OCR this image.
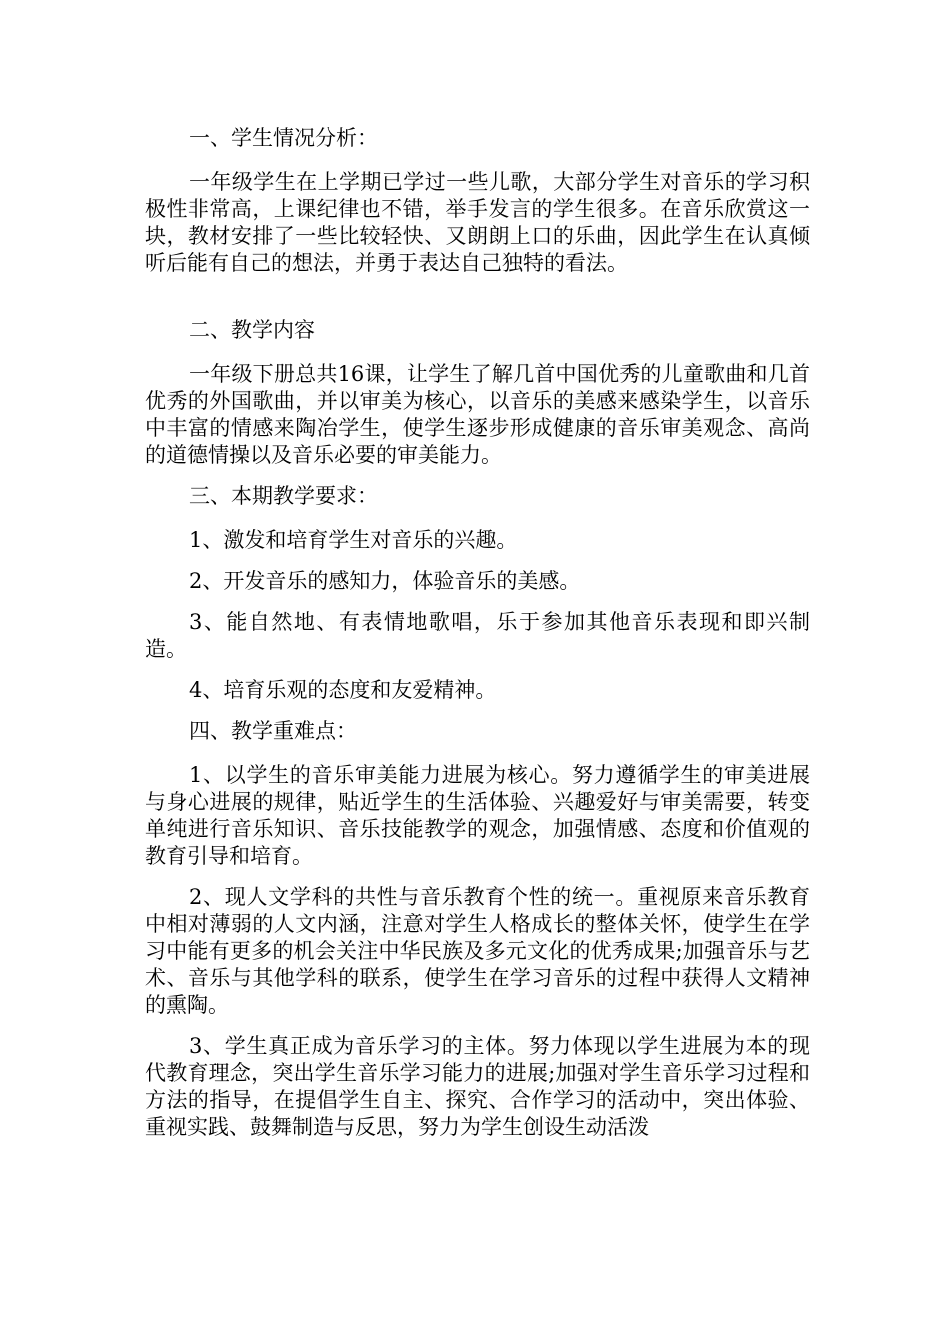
一、学生情况分析：
一年级学生在上学期已学过一些儿歌，大部分学生对音乐的学习积极性非常高，上课纪律也不错，举手发言的学生很多。在音乐欣赏这一块，教材安排了一些比较轻快、又朗朗上口的乐曲，因此学生在认真倾听后能有自己的想法，并勇于表达自己独特的看法。
二、教学内容
一年级下册总共16课，让学生了解几首中国优秀的儿童歌曲和几首优秀的外国歌曲，并以审美为核心，以音乐的美感来感染学生，以音乐中丰富的情感来陶冶学生，使学生逐步形成健康的音乐审美观念、高尚的道德情操以及音乐必要的审美能力。
三、本期教学要求：
1、激发和培育学生对音乐的兴趣。
2、开发音乐的感知力，体验音乐的美感。
3、能自然地、有表情地歌唱，乐于参加其他音乐表现和即兴制造。
4、培育乐观的态度和友爱精神。
四、教学重难点：
1、以学生的音乐审美能力进展为核心。努力遵循学生的审美进展与身心进展的规律，贴近学生的生活体验、兴趣爱好与审美需要，转变单纯进行音乐知识、音乐技能教学的观念，加强情感、态度和价值观的教育引导和培育。
2、现人文学科的共性与音乐教育个性的统一。重视原来音乐教育中相对薄弱的人文内涵，注意对学生人格成长的整体关怀，使学生在学习中能有更多的机会关注中华民族及多元文化的优秀成果;加强音乐与艺术、音乐与其他学科的联系，使学生在学习音乐的过程中获得人文精神的熏陶。
3、学生真正成为音乐学习的主体。努力体现以学生进展为本的现代教育理念，突出学生音乐学习能力的进展;加强对学生音乐学习过程和方法的指导，在提倡学生自主、探究、合作学习的活动中，突出体验、重视实践、鼓舞制造与反思，努力为学生创设生动活泼
